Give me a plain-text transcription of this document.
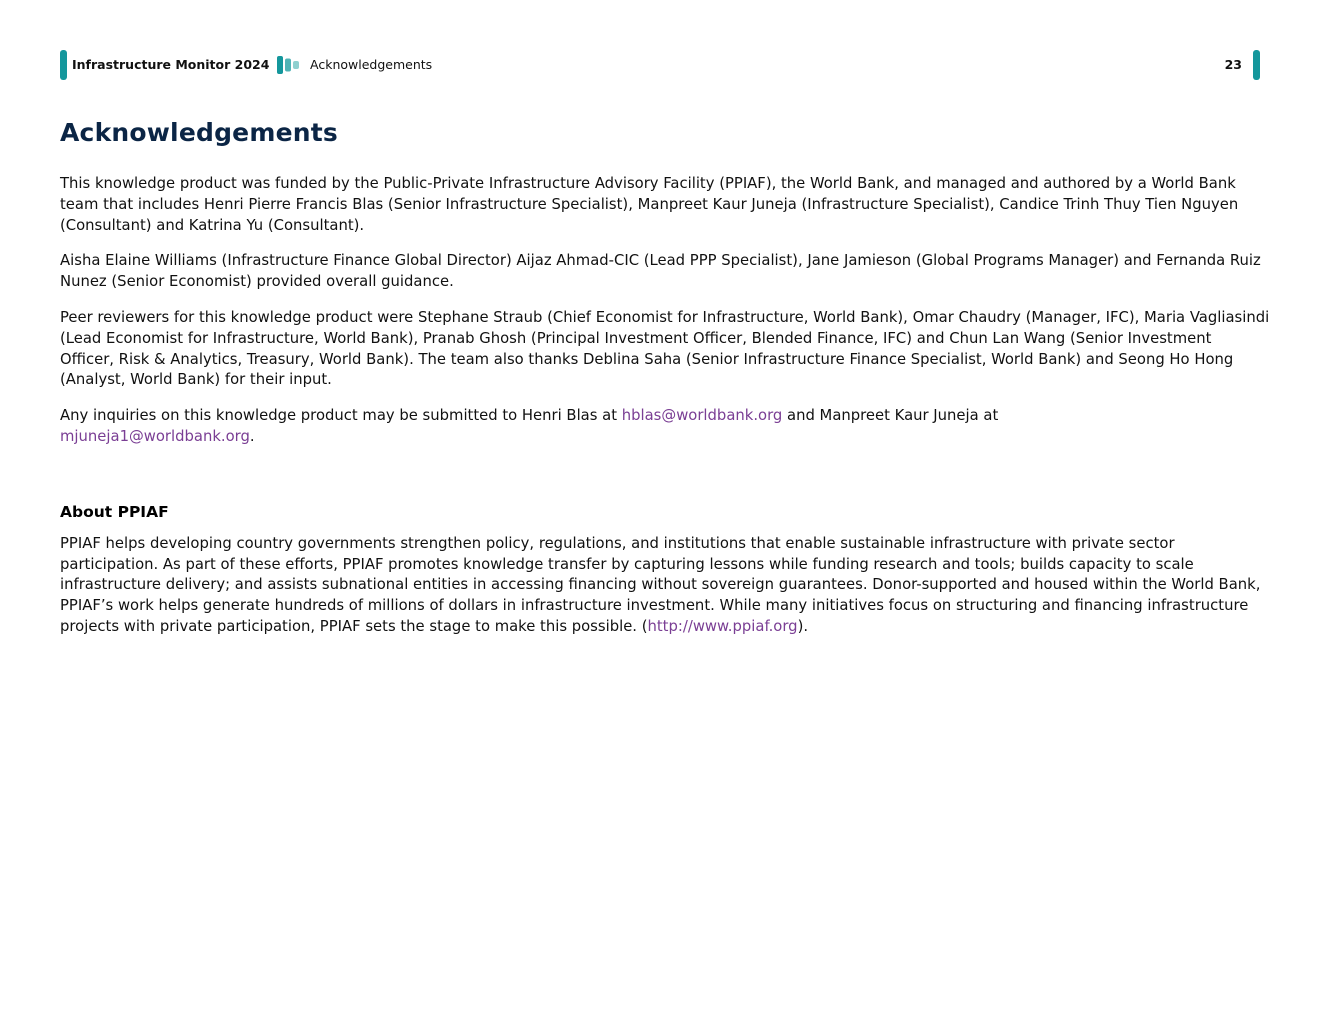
Infrastructure Monitor 2024	Acknowledgements	23
Acknowledgements

This knowledge product was funded by the Public-Private Infrastructure Advisory Facility (PPIAF), the World Bank, and managed and authored by a World Bank team that includes Henri Pierre Francis Blas (Senior Infrastructure Specialist), Manpreet Kaur Juneja (Infrastructure Specialist), Candice Trinh Thuy Tien Nguyen (Consultant) and Katrina Yu (Consultant).

Aisha Elaine Williams (Infrastructure Finance Global Director) Aijaz Ahmad-CIC (Lead PPP Specialist), Jane Jamieson (Global Programs Manager) and Fernanda Ruiz Nunez (Senior Economist) provided overall guidance.

Peer reviewers for this knowledge product were Stephane Straub (Chief Economist for Infrastructure, World Bank), Omar Chaudry (Manager, IFC), Maria Vagliasindi (Lead Economist for Infrastructure, World Bank), Pranab Ghosh (Principal Investment Officer, Blended Finance, IFC) and Chun Lan Wang (Senior Investment Officer, Risk & Analytics, Treasury, World Bank). The team also thanks Deblina Saha (Senior Infrastructure Finance Specialist, World Bank) and Seong Ho Hong (Analyst, World Bank) for their input.

Any inquiries on this knowledge product may be submitted to Henri Blas at hblas@worldbank.org and Manpreet Kaur Juneja at
mjuneja1@worldbank.org.

About PPIAF

PPIAF helps developing country governments strengthen policy, regulations, and institutions that enable sustainable infrastructure with private sector participation. As part of these efforts, PPIAF promotes knowledge transfer by capturing lessons while funding research and tools; builds capacity to scale infrastructure delivery; and assists subnational entities in accessing financing without sovereign guarantees. Donor-supported and housed within the World Bank, PPIAF’s work helps generate hundreds of millions of dollars in infrastructure investment. While many initiatives focus on structuring and financing infrastructure projects with private participation, PPIAF sets the stage to make this possible. (http://www.ppiaf.org).
